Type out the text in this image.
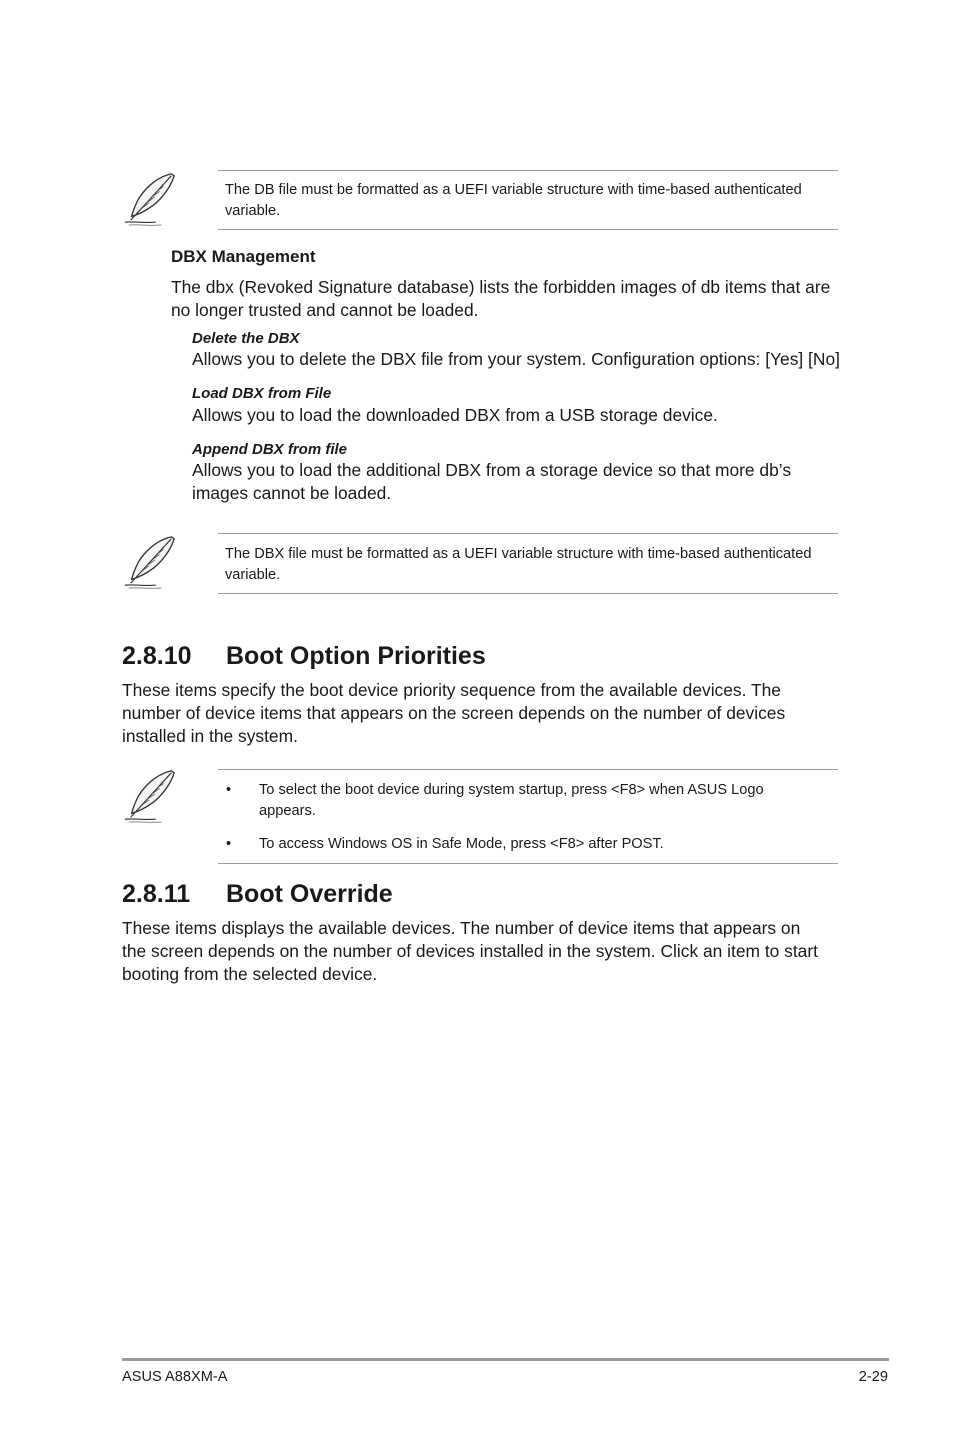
The DB file must be formatted as a UEFI variable structure with time-based authenticated variable.
DBX Management
The dbx (Revoked Signature database) lists the forbidden images of db items that are no longer trusted and cannot be loaded.
Delete the DBX
Allows you to delete the DBX file from your system. Configuration options: [Yes] [No]
Load DBX from File
Allows you to load the downloaded DBX from a USB storage device.
Append DBX from file
Allows you to load the additional DBX from a storage device so that more db’s images cannot be loaded.
The DBX file must be formatted as a UEFI variable structure with time-based authenticated variable.
2.8.10 Boot Option Priorities
These items specify the boot device priority sequence from the available devices. The number of device items that appears on the screen depends on the number of devices installed in the system.
• To select the boot device during system startup, press <F8> when ASUS Logo appears.
• To access Windows OS in Safe Mode, press <F8> after POST.
2.8.11 Boot Override
These items displays the available devices. The number of device items that appears on the screen depends on the number of devices installed in the system. Click an item to start booting from the selected device.
ASUS A88XM-A	2-29
